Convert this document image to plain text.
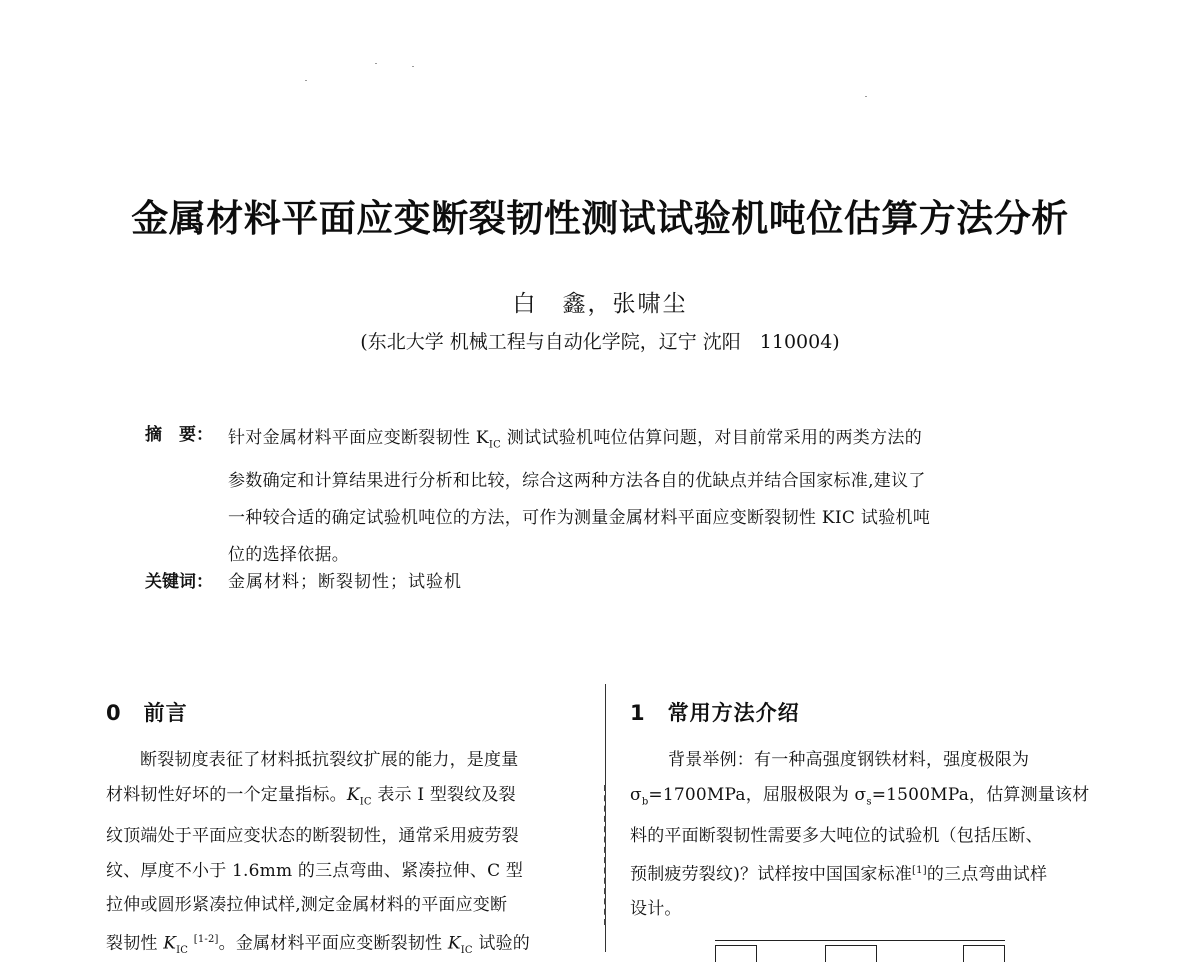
金属材料平面应变断裂韧性测试试验机吨位估算方法分析
白　鑫，张啸尘
(东北大学 机械工程与自动化学院，辽宁 沈阳　110004)
摘　要： 针对金属材料平面应变断裂韧性 $K_{IC}$ 测试试验机吨位估算问题，对目前常采用的两类方法的
参数确定和计算结果进行分析和比较，综合这两种方法各自的优缺点并结合国家标准,建议了
一种较合适的确定试验机吨位的方法，可作为测量金属材料平面应变断裂韧性 KIC 试验机吨
位的选择依据。
关键词： 金属材料；断裂韧性；试验机
0　前言
断裂韧度表征了材料抵抗裂纹扩展的能力，是度量
材料韧性好坏的一个定量指标。$K_{IC}$ 表示 Ⅰ 型裂纹及裂
纹顶端处于平面应变状态的断裂韧性，通常采用疲劳裂
纹、厚度不小于 1.6mm 的三点弯曲、紧凑拉伸、C 型
拉伸或圆形紧凑拉伸试样,测定金属材料的平面应变断
裂韧性 $K_{IC}$ [1-2]。金属材料平面应变断裂韧性 $K_{IC}$ 试验的
1　常用方法介绍
背景举例：有一种高强度钢铁材料，强度极限为
$\sigma_b=1700MPa$，屈服极限为 $\sigma_s=1500MPa$，估算测量该材
料的平面断裂韧性需要多大吨位的试验机（包括压断、
预制疲劳裂纹)？试样按中国国家标准[1]的三点弯曲试样
设计。
